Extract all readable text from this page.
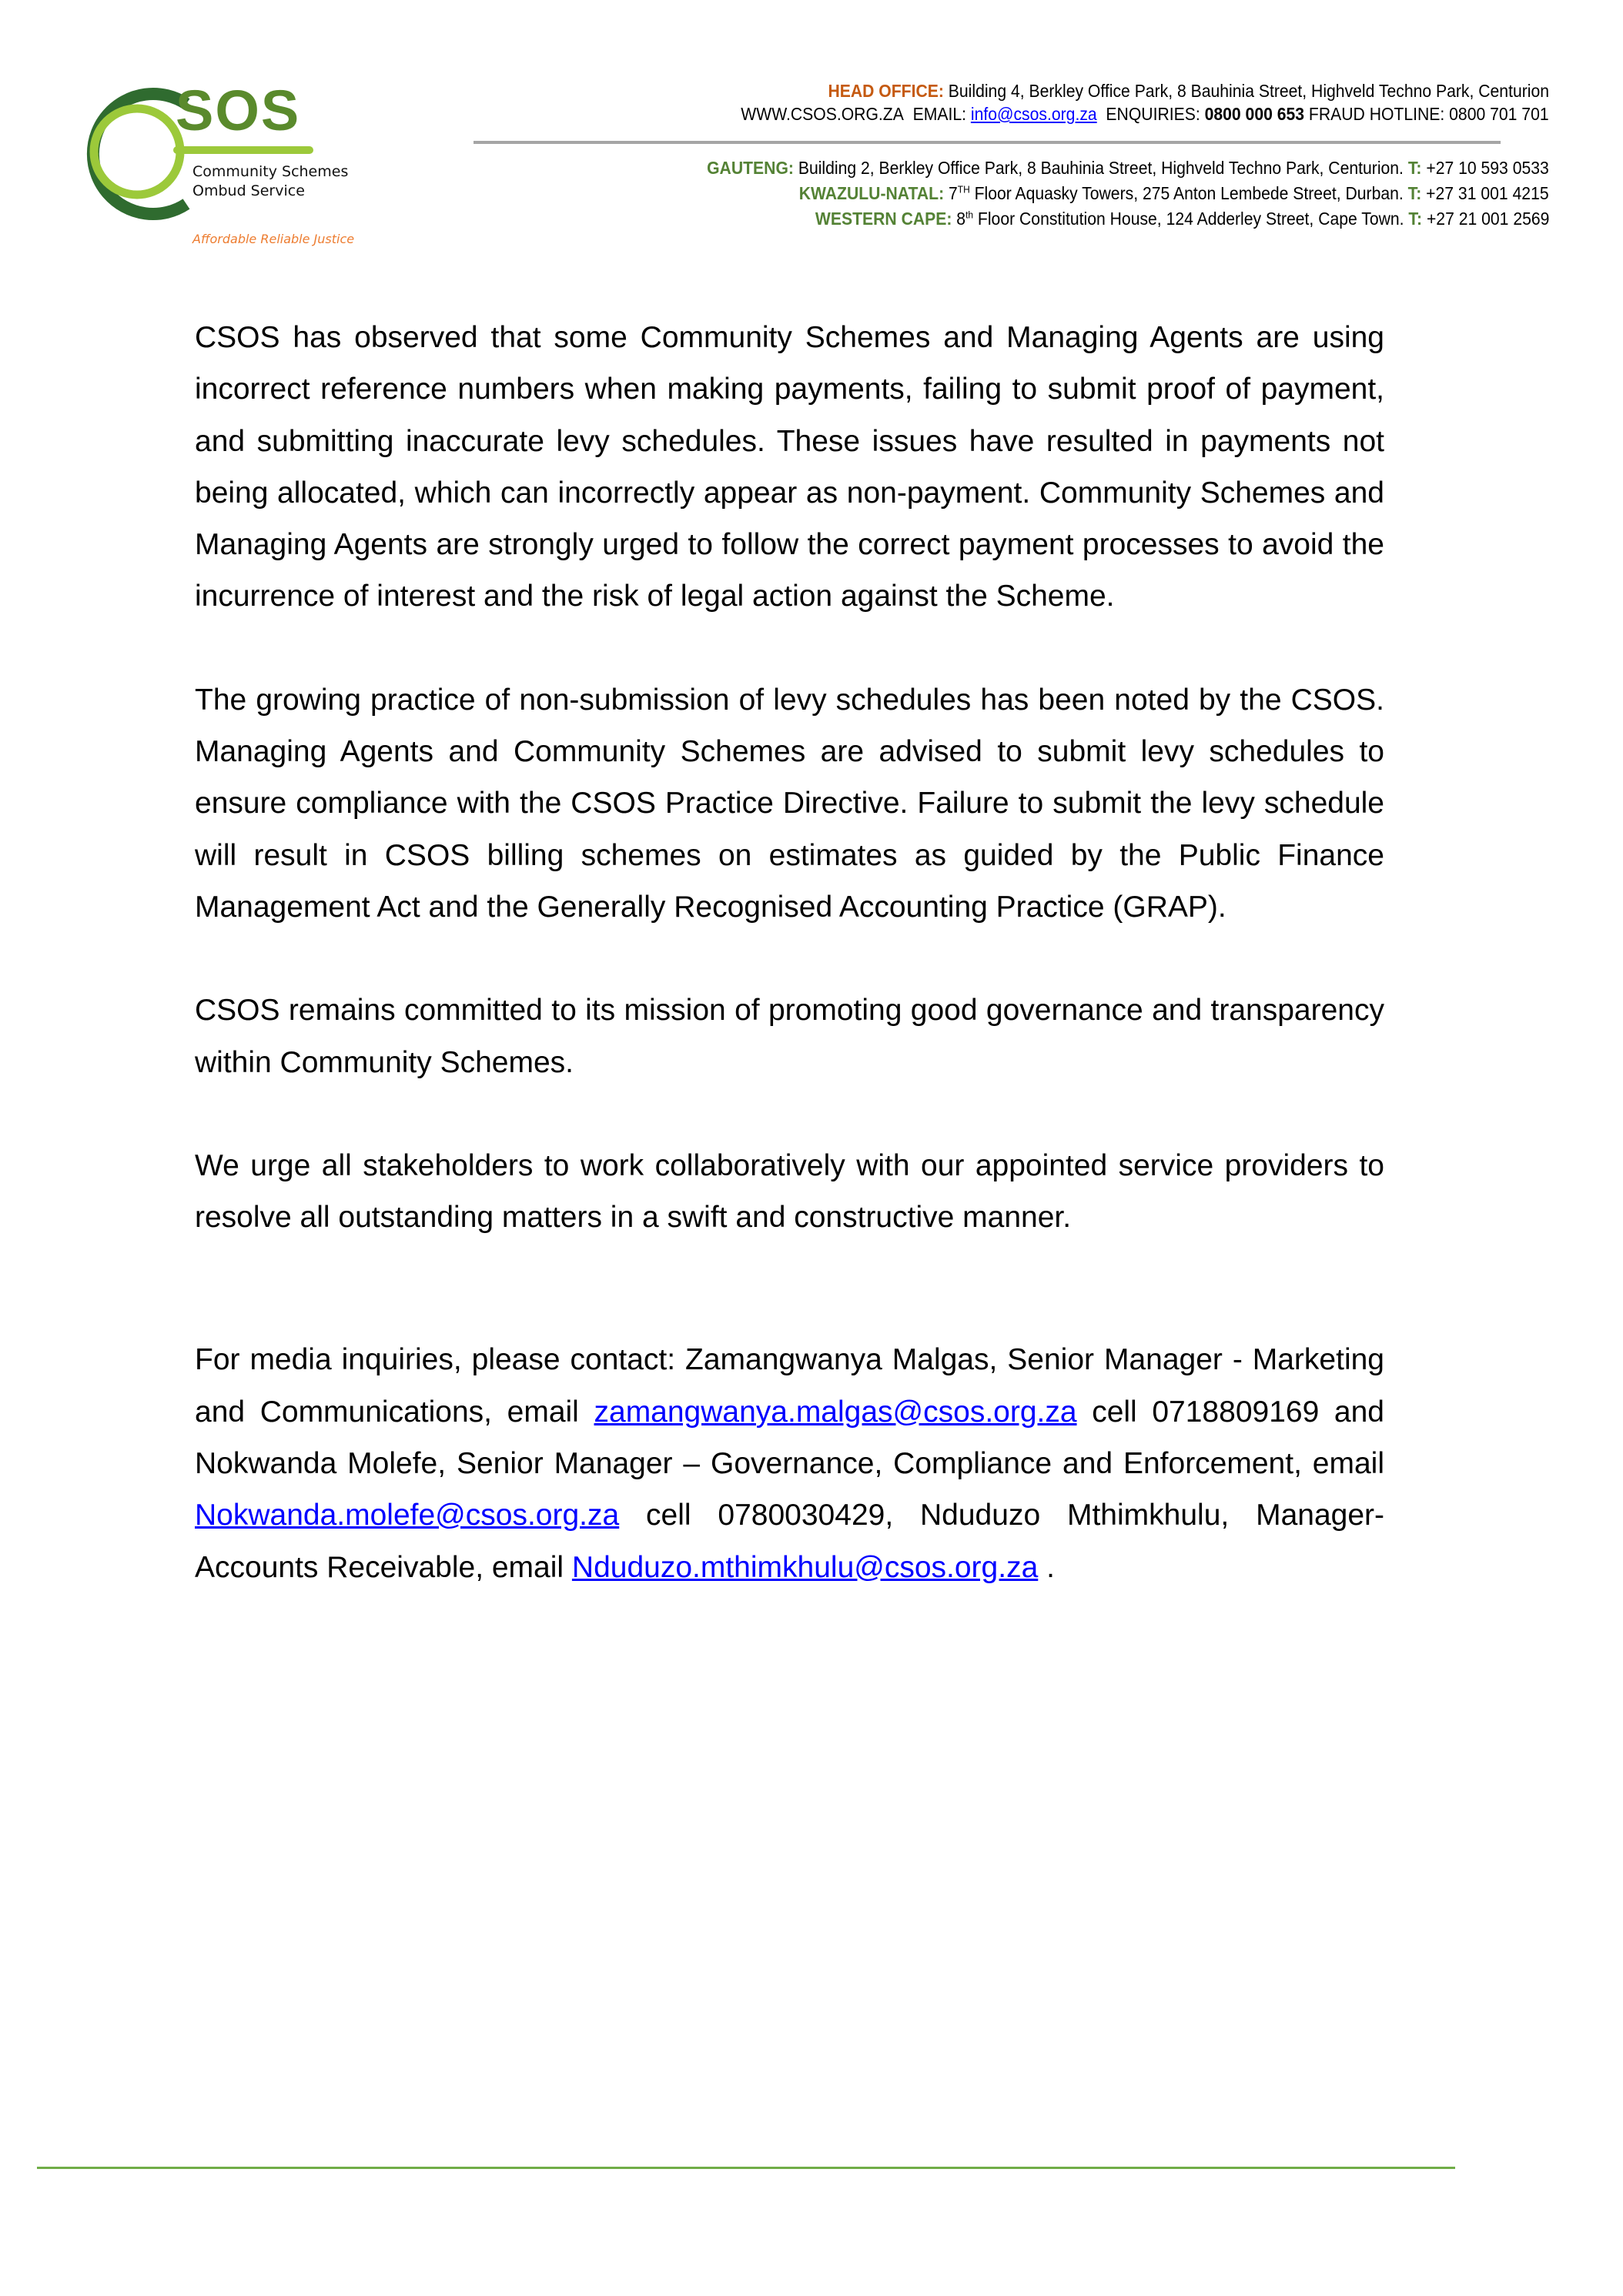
SOS
Community Schemes
Ombud Service
Affordable Reliable Justice
HEAD OFFICE: Building 4, Berkley Office Park, 8 Bauhinia Street, Highveld Techno Park, Centurion
WWW.CSOS.ORG.ZA EMAIL: info@csos.org.za ENQUIRIES: 0800 000 653 FRAUD HOTLINE: 0800 701 701
GAUTENG: Building 2, Berkley Office Park, 8 Bauhinia Street, Highveld Techno Park, Centurion. T: +27 10 593 0533
KWAZULU-NATAL: 7TH Floor Aquasky Towers, 275 Anton Lembede Street, Durban. T: +27 31 001 4215
WESTERN CAPE: 8th Floor Constitution House, 124 Adderley Street, Cape Town. T: +27 21 001 2569

CSOS has observed that some Community Schemes and Managing Agents are using incorrect reference numbers when making payments, failing to submit proof of payment, and submitting inaccurate levy schedules. These issues have resulted in payments not being allocated, which can incorrectly appear as non-payment. Community Schemes and Managing Agents are strongly urged to follow the correct payment processes to avoid the incurrence of interest and the risk of legal action against the Scheme.

The growing practice of non-submission of levy schedules has been noted by the CSOS. Managing Agents and Community Schemes are advised to submit levy schedules to ensure compliance with the CSOS Practice Directive. Failure to submit the levy schedule will result in CSOS billing schemes on estimates as guided by the Public Finance Management Act and the Generally Recognised Accounting Practice (GRAP).

CSOS remains committed to its mission of promoting good governance and transparency within Community Schemes.

We urge all stakeholders to work collaboratively with our appointed service providers to resolve all outstanding matters in a swift and constructive manner.

For media inquiries, please contact: Zamangwanya Malgas, Senior Manager - Marketing and Communications, email zamangwanya.malgas@csos.org.za cell 0718809169 and Nokwanda Molefe, Senior Manager – Governance, Compliance and Enforcement, email Nokwanda.molefe@csos.org.za cell 0780030429, Nduduzo Mthimkhulu, Manager-Accounts Receivable, email Nduduzo.mthimkhulu@csos.org.za .
